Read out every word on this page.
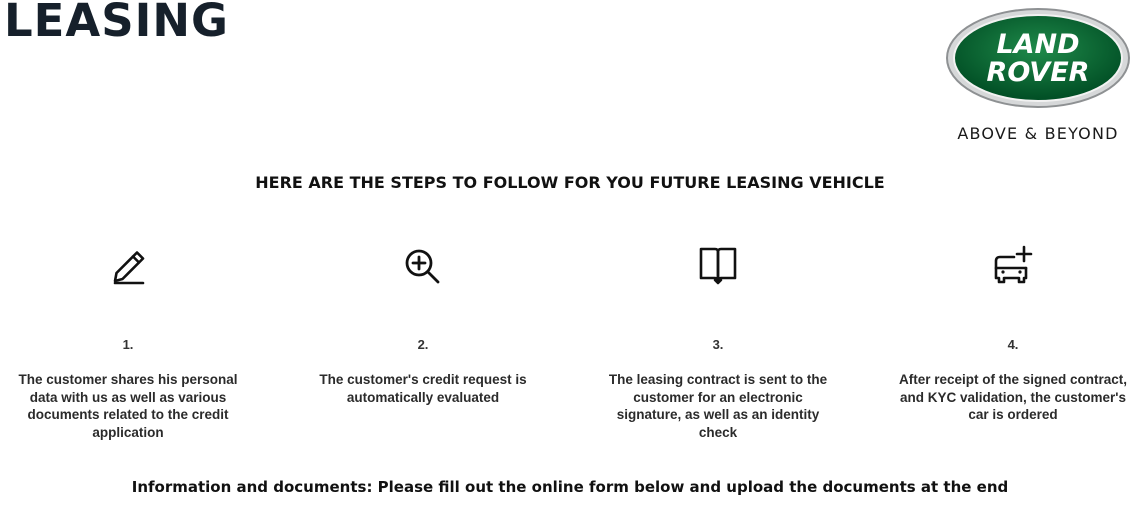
LEASING	LAND
ROVER
ABOVE & BEYOND
HERE ARE THE STEPS TO FOLLOW FOR YOU FUTURE LEASING VEHICLE
1.
The customer shares his personal data with us as well as various documents related to the credit application
2.
The customer's credit request is automatically evaluated
3.
The leasing contract is sent to the customer for an electronic signature, as well as an identity check
4.
After receipt of the signed contract, and KYC validation, the customer's car is ordered
Information and documents: Please fill out the online form below and upload the documents at the end
